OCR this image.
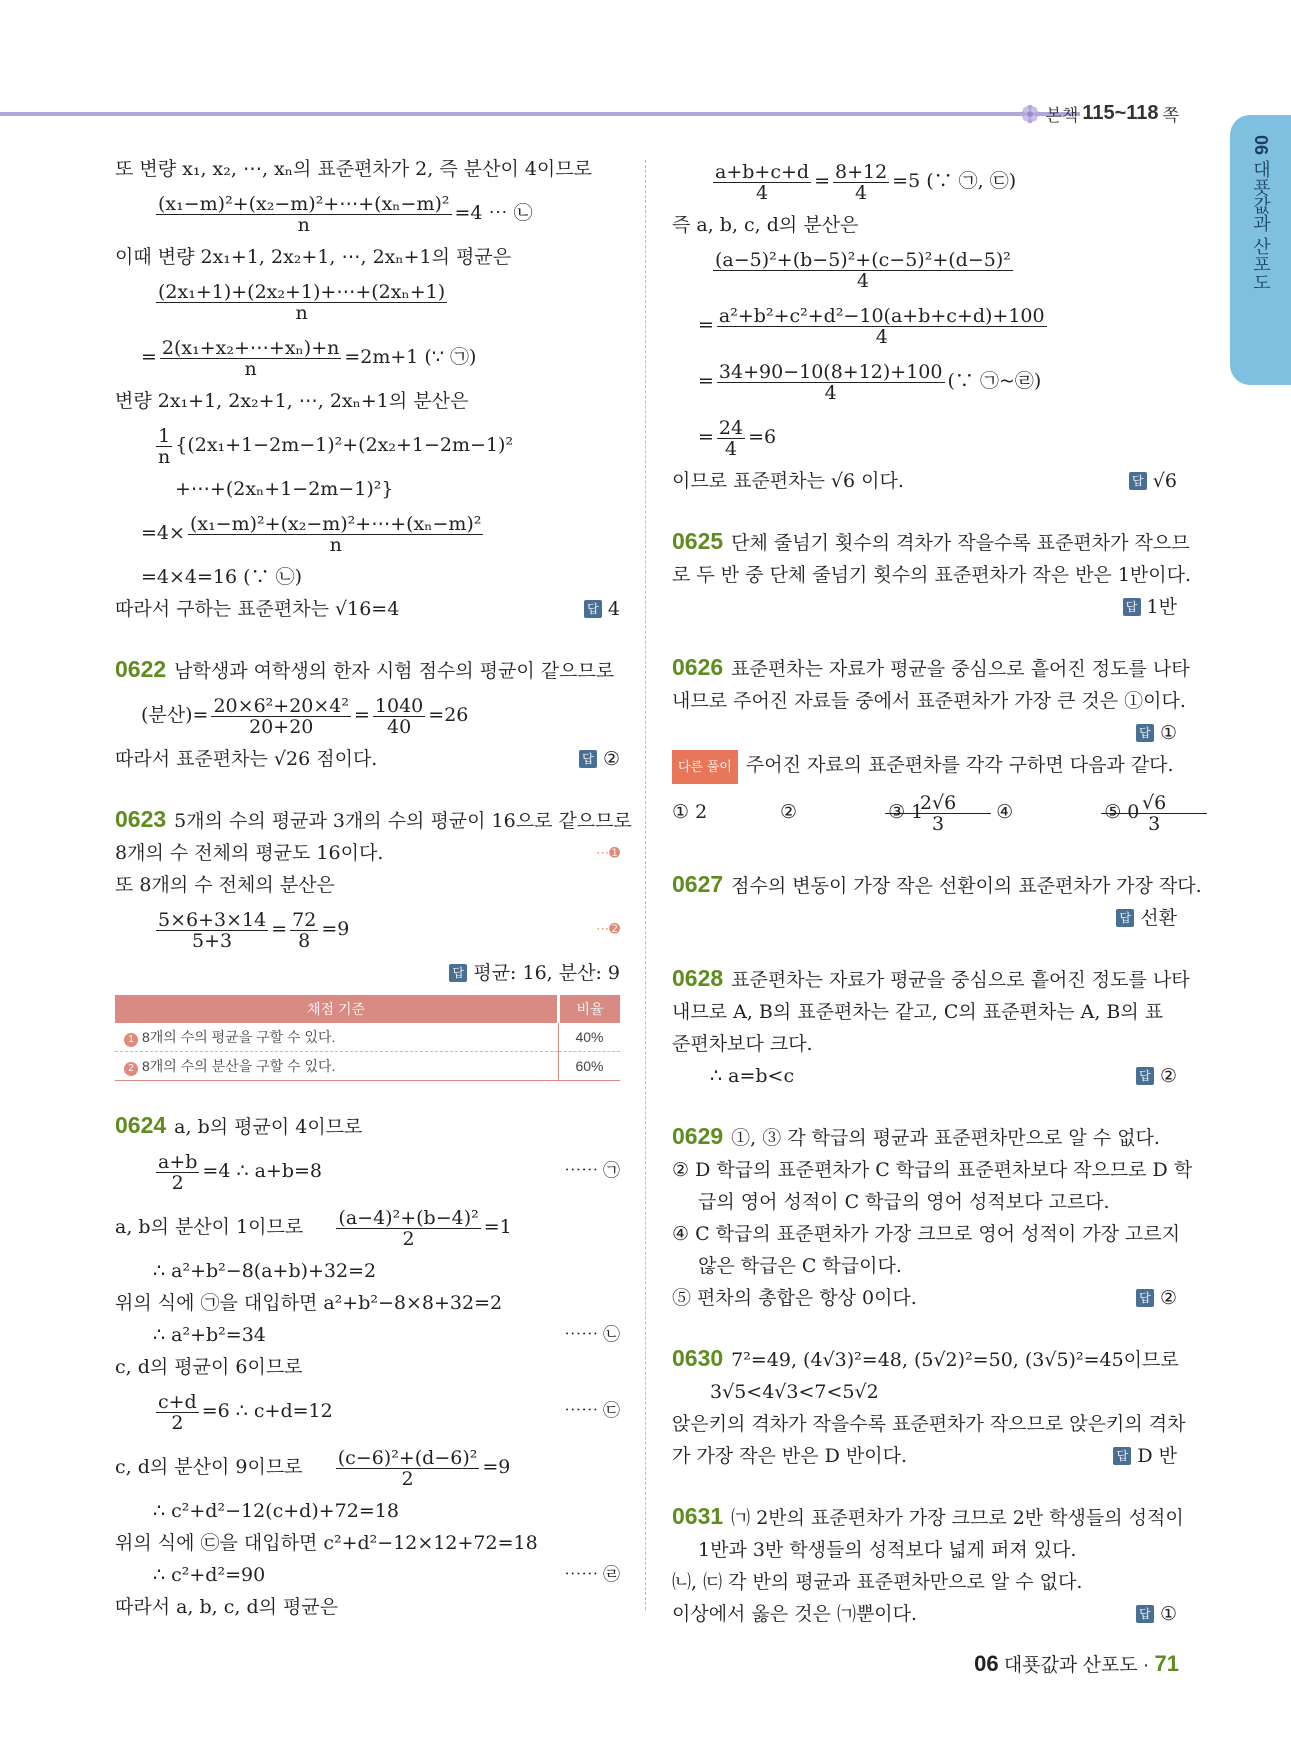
본책 115~118 쪽
06 대푯값과 산포도
또 변량 x₁, x₂, ⋯, xₙ의 표준편차가 2, 즉 분산이 4이므로
$\frac{\text{(x₁−m)²+(x₂−m)²+⋯+(xₙ−m)²}}{n} =4$ ⋯ ㉡
이때 변량 2x₁+1, 2x₂+1, ⋯, 2xₙ+1의 평균은
$\frac{\text{(2x₁+1)+(2x₂+1)+⋯+(2xₙ+1)}}{n}$
= $\frac{\text{2(x₁+x₂+⋯+xₙ)+n}}{n} =2m+1$ (∵ ㉠)
변량 2x₁+1, 2x₂+1, ⋯, 2xₙ+1의 분산은
$\frac{1}{n} \{(2x_1+1-2m-1)^2+(2x_2+1-2m-1)^2$
+⋯+(2xₙ+1−2m−1)²}
$=4\times \frac{\text{(x₁−m)²+(x₂−m)²+⋯+(xₙ−m)²}}{n}$
=4×4=16 (∵ ㉡)
따라서 구하는 표준편차는 √16=4	답 4
0622 남학생과 여학생의 한자 시험 점수의 평균이 같으므로
(분산)= $\frac{\text{20×6²+20×4²}}{20+20} = \frac{1040}{40} =26$
따라서 표준편차는 √26 점이다.	답 ②
0623 5개의 수의 평균과 3개의 수의 평균이 16으로 같으므로
8개의 수 전체의 평균도 16이다.	⋯➊
또 8개의 수 전체의 분산은
$\frac{5\times 6+3\times 14}{5+3} = \frac{72}{8} =9$	⋯➋
답 평균: 16, 분산: 9
채점 기준	비율
1 8개의 수의 평균을 구할 수 있다.	40%
2 8개의 수의 분산을 구할 수 있다.	60%
0624 a, b의 평균이 4이므로
$\frac{a+b}{2} =4$ ∴ a+b=8	⋯⋯ ㉠
a, b의 분산이 1이므로 $\frac{\text{(a−4)²+(b−4)²}}{2} =1$
∴ a²+b²−8(a+b)+32=2
위의 식에 ㉠을 대입하면 a²+b²−8×8+32=2
∴ a²+b²=34	⋯⋯ ㉡
c, d의 평균이 6이므로
$\frac{c+d}{2} =6$ ∴ c+d=12	⋯⋯ ㉢
c, d의 분산이 9이므로 $\frac{\text{(c−6)²+(d−6)²}}{2} =9$
∴ c²+d²−12(c+d)+72=18
위의 식에 ㉢을 대입하면 c²+d²−12×12+72=18
∴ c²+d²=90	⋯⋯ ㉣
따라서 a, b, c, d의 평균은
$\frac{a+b+c+d}{4} = \frac{8+12}{4} =5$ (∵ ㉠, ㉢)
즉 a, b, c, d의 분산은
$\frac{\text{(a−5)²+(b−5)²+(c−5)²+(d−5)²}}{4}$
= $\frac{\text{a²+b²+c²+d²−10(a+b+c+d)+100}}{4}$
= $\frac{34+90-10(8+12)+100}{4}$ (∵ ㉠~㉣)
= $\frac{24}{4} =6$
이므로 표준편차는 √6 이다.	답 √6
0625 단체 줄넘기 횟수의 격차가 작을수록 표준편차가 작으므
로 두 반 중 단체 줄넘기 횟수의 표준편차가 작은 반은 1반이다.
답 1반
0626 표준편차는 자료가 평균을 중심으로 흩어진 정도를 나타
내므로 주어진 자료들 중에서 표준편차가 가장 큰 것은 ①이다.
답 ①
다른 풀이 주어진 자료의 표준편차를 각각 구하면 다음과 같다.
① 2	②	$\frac{2√6}{3}$
③ 1	④	$\frac{√6}{3}$
⑤ 0
0627 점수의 변동이 가장 작은 선환이의 표준편차가 가장 작다.
답 선환
0628 표준편차는 자료가 평균을 중심으로 흩어진 정도를 나타
내므로 A, B의 표준편차는 같고, C의 표준편차는 A, B의 표
준편차보다 크다.
∴ a=b<c	답 ②
0629 ①, ③ 각 학급의 평균과 표준편차만으로 알 수 없다.
② D 학급의 표준편차가 C 학급의 표준편차보다 작으므로 D 학
급의 영어 성적이 C 학급의 영어 성적보다 고르다.
④ C 학급의 표준편차가 가장 크므로 영어 성적이 가장 고르지
않은 학급은 C 학급이다.
⑤ 편차의 총합은 항상 0이다.	답 ②
0630 7²=49, (4√3)²=48, (5√2)²=50, (3√5)²=45이므로
3√5<4√3<7<5√2
앉은키의 격차가 작을수록 표준편차가 작으므로 앉은키의 격차
가 가장 작은 반은 D 반이다.	답 D 반
0631 ㈀ 2반의 표준편차가 가장 크므로 2반 학생들의 성적이
1반과 3반 학생들의 성적보다 넓게 퍼져 있다.
㈁, ㈂ 각 반의 평균과 표준편차만으로 알 수 없다.
이상에서 옳은 것은 ㈀뿐이다.	답 ①
06 대푯값과 산포도 · 71
